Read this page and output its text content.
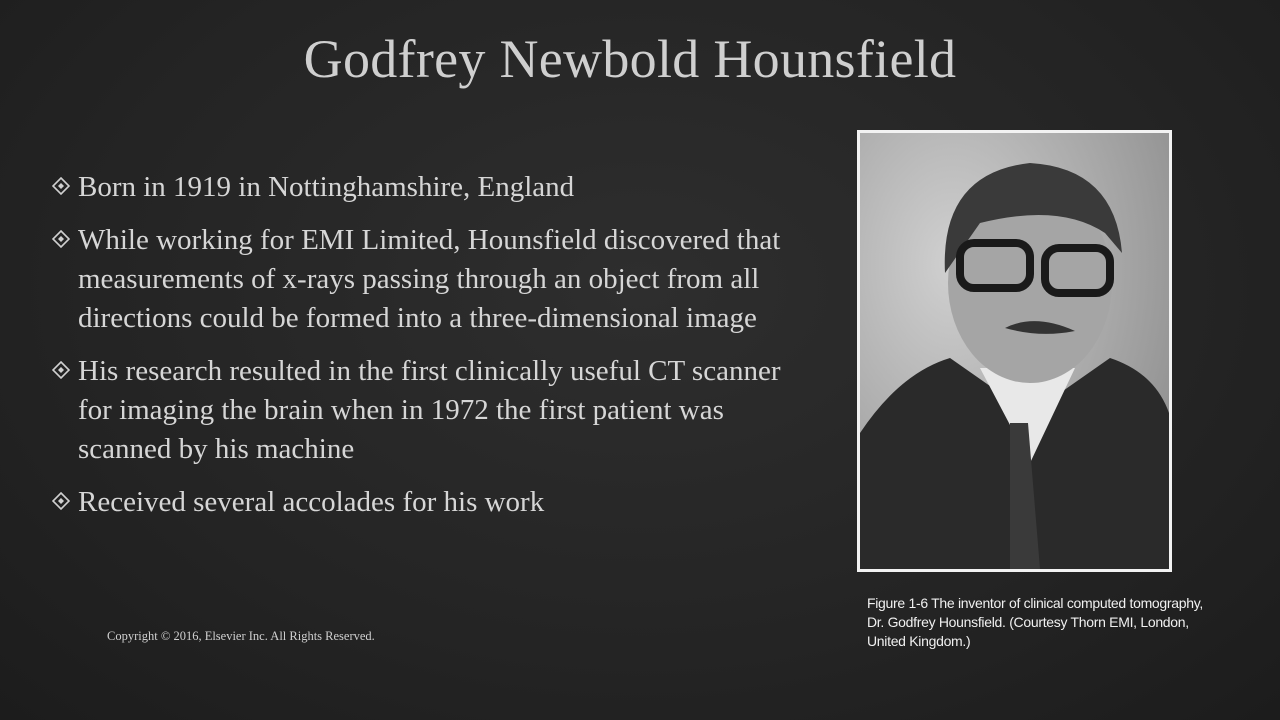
Godfrey Newbold Hounsfield
Born in 1919 in Nottinghamshire, England
While working for EMI Limited, Hounsfield discovered that measurements of x-rays passing through an object from all directions could be formed into a three-dimensional image
His research resulted in the first clinically useful CT scanner for imaging the brain when in 1972 the first patient was scanned by his machine
Received several accolades for his work
Copyright © 2016, Elsevier Inc. All Rights Reserved.
Figure 1-6 The inventor of clinical computed tomography, Dr. Godfrey Hounsfield. (Courtesy Thorn EMI, London, United Kingdom.)
